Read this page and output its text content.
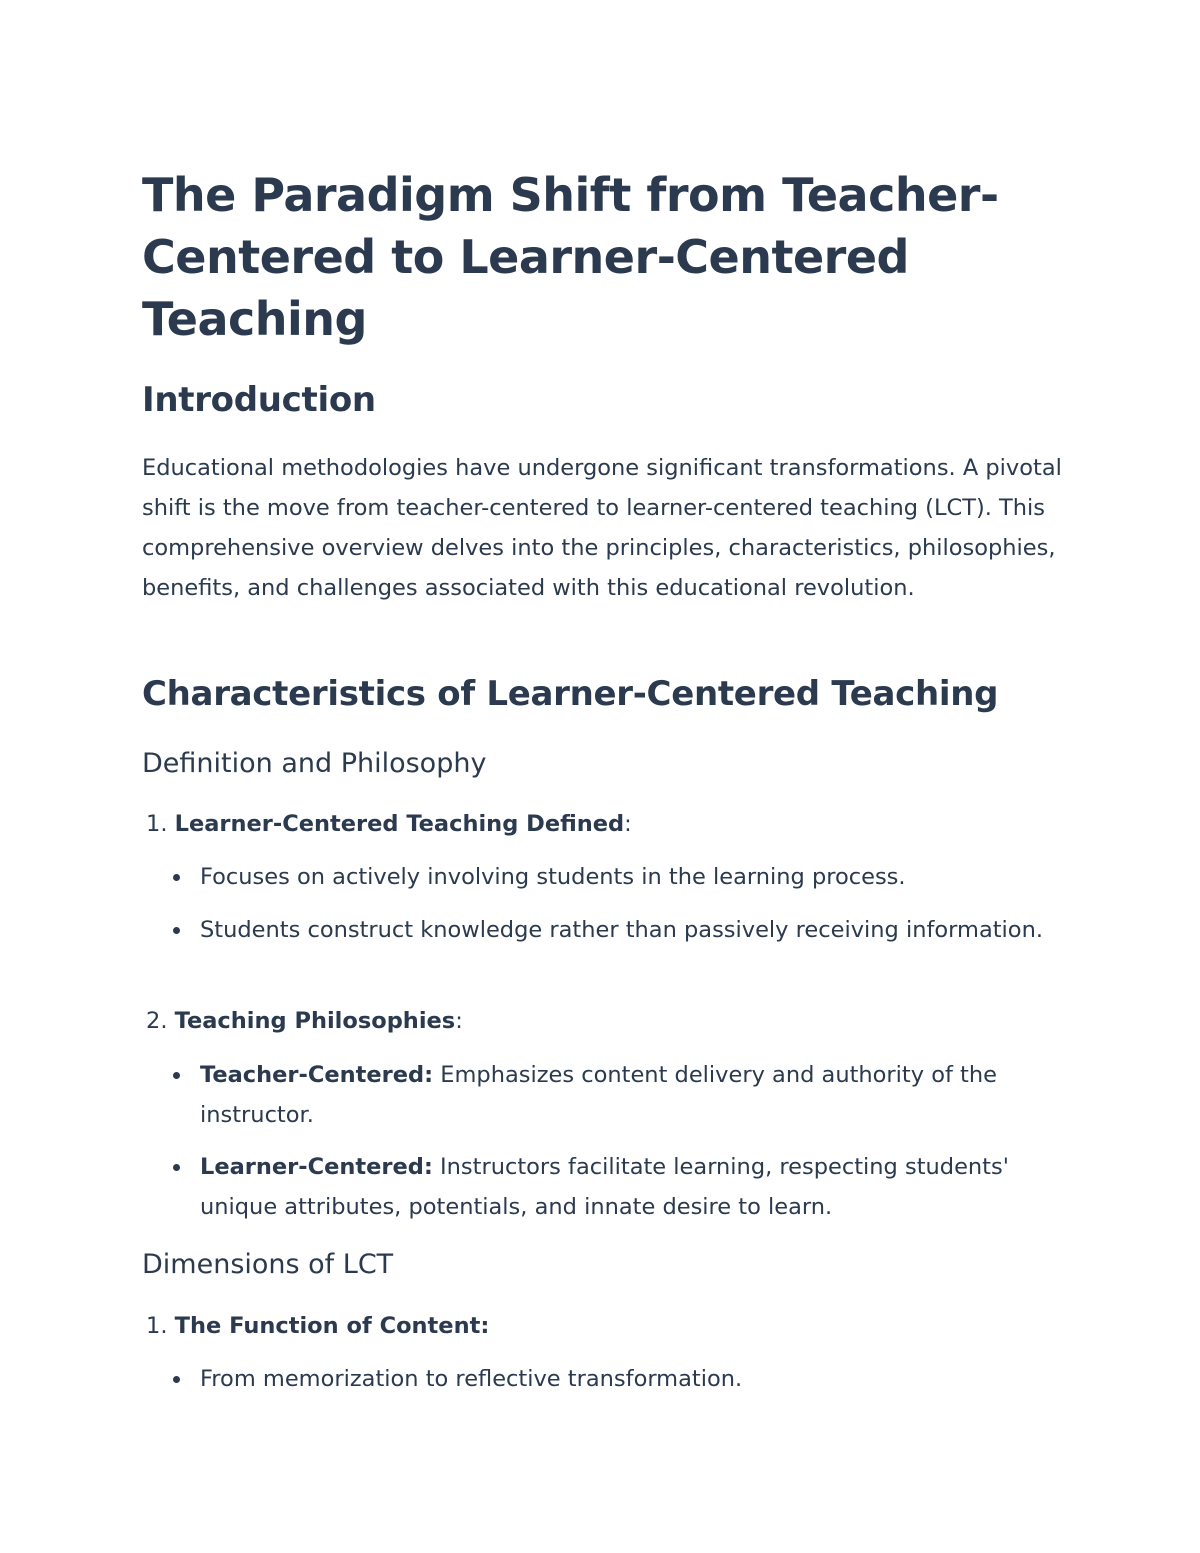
The Paradigm Shift from Teacher-Centered to Learner-Centered Teaching
Introduction

Educational methodologies have undergone significant transformations. A pivotal shift is the move from teacher-centered to learner-centered teaching (LCT). This comprehensive overview delves into the principles, characteristics, philosophies, benefits, and challenges associated with this educational revolution.

Characteristics of Learner-Centered Teaching
Definition and Philosophy
1. Learner-Centered Teaching Defined:

Focuses on actively involving students in the learning process.

Students construct knowledge rather than passively receiving information.

2. Teaching Philosophies:

Teacher-Centered: Emphasizes content delivery and authority of the instructor.

Learner-Centered: Instructors facilitate learning, respecting students' unique attributes, potentials, and innate desire to learn.

Dimensions of LCT
1. The Function of Content:

From memorization to reflective transformation.
